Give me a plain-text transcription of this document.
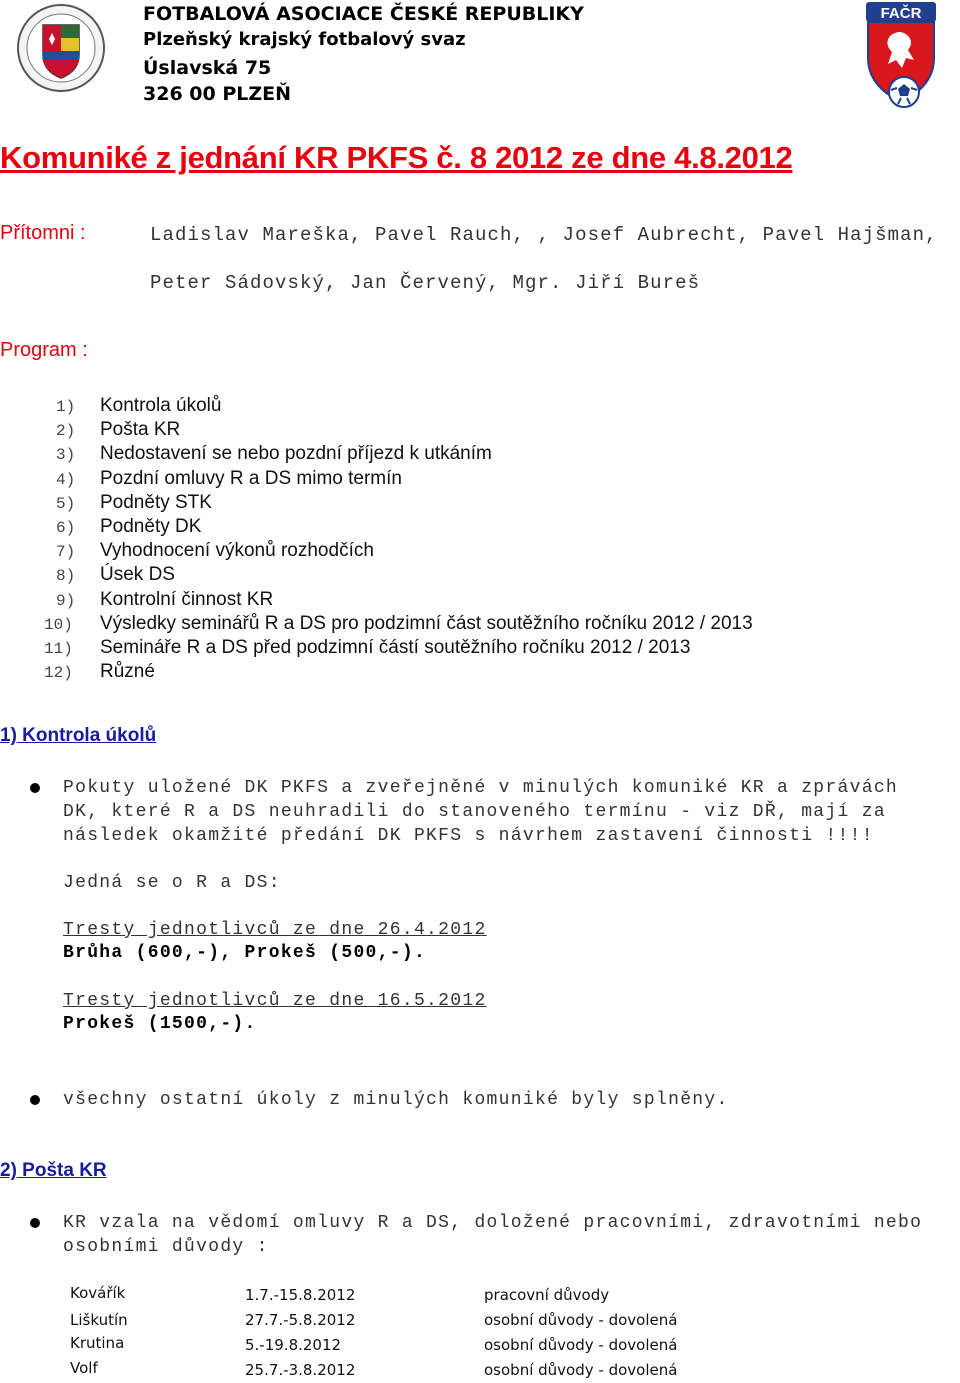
FOTBALOVÁ ASOCIACE ČESKÉ REPUBLIKY
Plzeňský krajský fotbalový svaz
Úslavská 75
326 00 PLZEŇ
FAČR
Komuniké z jednání KR PKFS č. 8 2012 ze dne 4.8.2012
Přítomni :	Ladislav Mareška, Pavel Rauch, , Josef Aubrecht, Pavel Hajšman,
Peter Sádovský, Jan Červený, Mgr. Jiří Bureš
Program :
1) Kontrola úkolů
2) Pošta KR
3) Nedostavení se nebo pozdní příjezd k utkáním
4) Pozdní omluvy R a DS mimo termín
5) Podněty STK
6) Podněty DK
7) Vyhodnocení výkonů rozhodčích
8) Úsek DS
9) Kontrolní činnost KR
10) Výsledky seminářů R a DS pro podzimní část soutěžního ročníku 2012 / 2013
11) Semináře R a DS před podzimní částí soutěžního ročníku 2012 / 2013
12) Různé
1) Kontrola úkolů
Pokuty uložené DK PKFS a zveřejněné v minulých komuniké KR a zprávách
DK, které R a DS neuhradili do stanoveného termínu - viz DŘ, mají za
následek okamžité předání DK PKFS s návrhem zastavení činnosti !!!!
Jedná se o R a DS:
Tresty jednotlivců ze dne 26.4.2012
Brůha (600,-), Prokeš (500,-).
Tresty jednotlivců ze dne 16.5.2012
Prokeš (1500,-).
všechny ostatní úkoly z minulých komuniké byly splněny.
2) Pošta KR
KR vzala na vědomí omluvy R a DS, doložené pracovními, zdravotními nebo
osobními důvody :
Kovářík	1.7.-15.8.2012	pracovní důvody
Liškutín	27.7.-5.8.2012	osobní důvody - dovolená
Krutina	5.-19.8.2012	osobní důvody - dovolená
Volf	25.7.-3.8.2012	osobní důvody - dovolená
